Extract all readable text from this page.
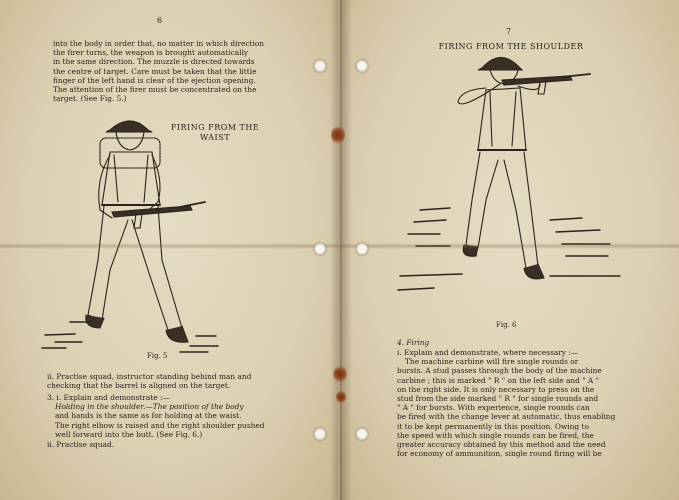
6
into the body in order that, no matter in which direction
the firer turns, the weapon is brought automatically
in the same direction. The muzzle is directed towards
the centre of target. Care must be taken that the little
finger of the left hand is clear of the ejection opening.
The attention of the firer must be concentrated on the
target. (See Fig. 5.)
FIRING FROM THE
WAIST
Fig. 5
ii. Practise squad, instructor standing behind man and
checking that the barrel is aligned on the target.
3. i. Explain and demonstrate :—
Holding in the shoulder.—The position of the body
and hands is the same as for holding at the waist.
The right elbow is raised and the right shoulder pushed
well forward into the butt. (See Fig. 6.)
ii. Practise squad.
7
FIRING FROM THE SHOULDER
Fig. 6
4. Firing
i. Explain and demonstrate, where necessary :—
The machine carbine will fire single rounds or
bursts. A stud passes through the body of the machine
carbine ; this is marked " R " on the left side and " A "
on the right side. It is only necessary to press on the
stud from the side marked " R " for single rounds and
" A " for bursts. With experience, single rounds can
be fired with the change lever at automatic, thus enabling
it to be kept permanently in this position. Owing to
the speed with which single rounds can be fired, the
greater accuracy obtained by this method and the need
for economy of ammunition, single round firing will be
